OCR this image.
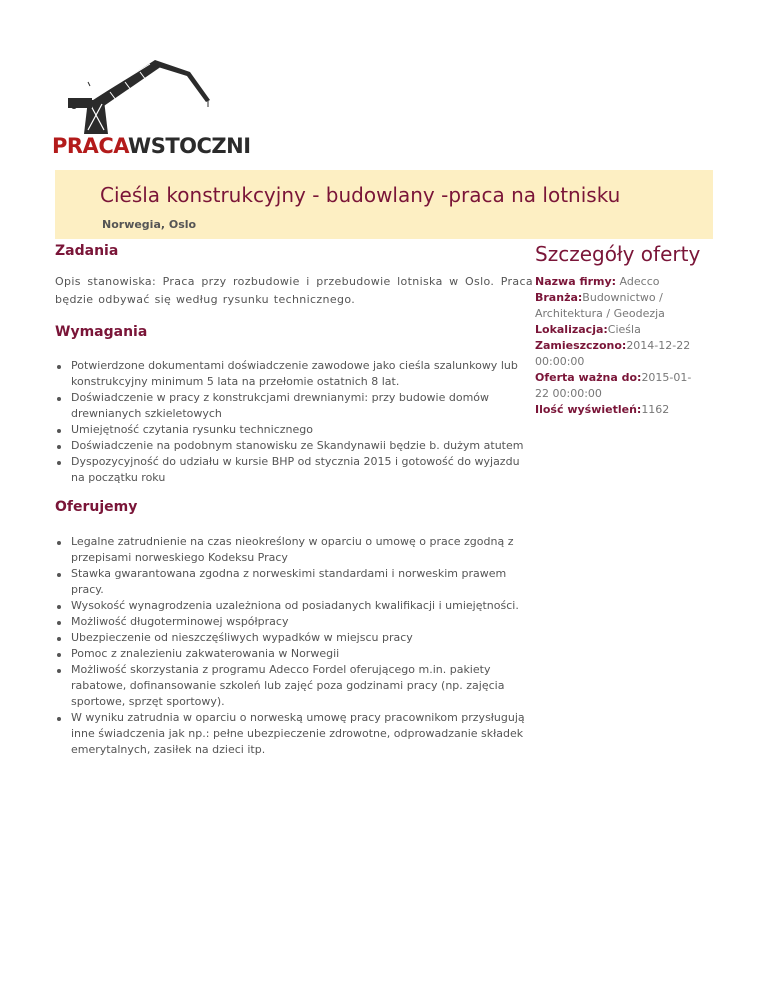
PRACAWSTOCZNI
Cieśla konstrukcyjny - budowlany -praca na lotnisku
Norwegia, Oslo
Zadania

Opis stanowiska: Praca przy rozbudowie i przebudowie lotniska w Oslo. Praca będzie odbywać się według rysunku technicznego.

Wymagania
Potwierdzone dokumentami doświadczenie zawodowe jako cieśla szalunkowy lub konstrukcyjny minimum 5 lata na przełomie ostatnich 8 lat.
Doświadczenie w pracy z konstrukcjami drewnianymi: przy budowie domów drewnianych szkieletowych
Umiejętność czytania rysunku technicznego
Doświadczenie na podobnym stanowisku ze Skandynawii będzie b. dużym atutem
Dyspozycyjność do udziału w kursie BHP od stycznia 2015 i gotowość do wyjazdu na początku roku
Oferujemy
Legalne zatrudnienie na czas nieokreślony w oparciu o umowę o prace zgodną z przepisami norweskiego Kodeksu Pracy
Stawka gwarantowana zgodna z norweskimi standardami i norweskim prawem pracy.
Wysokość wynagrodzenia uzależniona od posiadanych kwalifikacji i umiejętności.
Możliwość długoterminowej współpracy
Ubezpieczenie od nieszczęśliwych wypadków w miejscu pracy
Pomoc z znalezieniu zakwaterowania w Norwegii
Możliwość skorzystania z programu Adecco Fordel oferującego m.in. pakiety rabatowe, dofinansowanie szkoleń lub zajęć poza godzinami pracy (np. zajęcia sportowe, sprzęt sportowy).
W wyniku zatrudnia w oparciu o norweską umowę pracy pracownikom przysługują inne świadczenia jak np.: pełne ubezpieczenie zdrowotne, odprowadzanie składek emerytalnych, zasiłek na dzieci itp.
Szczegóły oferty
Nazwa firmy: Adecco
Branża:Budownictwo / Architektura / Geodezja
Lokalizacja:Cieśla
Zamieszczono:2014-12-22 00:00:00
Oferta ważna do:2015-01-22 00:00:00
Ilość wyświetleń:1162
